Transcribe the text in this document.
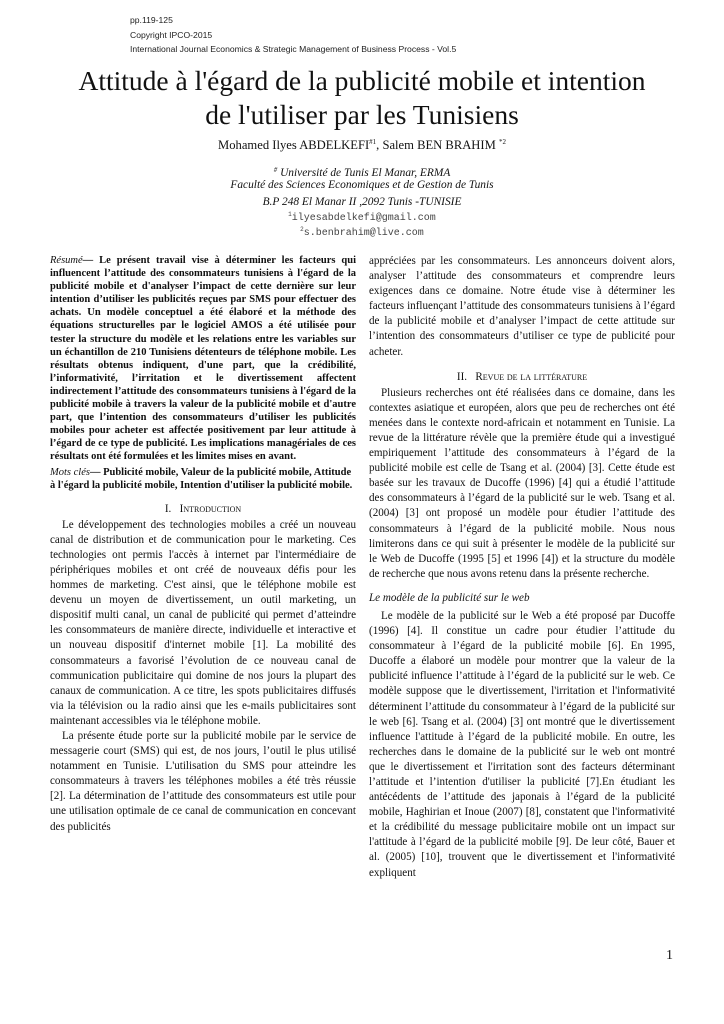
pp.119-125
Copyright IPCO-2015
International Journal Economics & Strategic Management of Business Process - Vol.5
Attitude à l'égard de la publicité mobile et intention
de l'utiliser par les Tunisiens
Mohamed Ilyes ABDELKEFI$^{\#1}$, Salem BEN BRAHIM $^{*2}$
# Université de Tunis El Manar, ERMA
Faculté des Sciences Economiques et de Gestion de Tunis
B.P 248 El Manar II ,2092 Tunis -TUNISIE
$^1$ilyesabdelkefi@gmail.com
$^2$s.benbrahim@live.com

Résumé— Le présent travail vise à déterminer les facteurs qui influencent l’attitude des consommateurs tunisiens à l'égard de la publicité mobile et d'analyser l’impact de cette dernière sur leur intention d’utiliser les publicités reçues par SMS pour effectuer des achats. Un modèle conceptuel a été élaboré et la méthode des équations structurelles par le logiciel AMOS a été utilisée pour tester la structure du modèle et les relations entre les variables sur un échantillon de 210 Tunisiens détenteurs de téléphone mobile. Les résultats obtenus indiquent, d'une part, que la crédibilité, l’informativité, l’irritation et le divertissement affectent indirectement l’attitude des consommateurs tunisiens à l'égard de la publicité mobile à travers la valeur de la publicité mobile et d'autre part, que l’intention des consommateurs d’utiliser les publicités mobiles pour acheter est affectée positivement par leur attitude à l’égard de ce type de publicité. Les implications managériales de ces résultats ont été formulées et les limites mises en avant.

Mots clés— Publicité mobile, Valeur de la publicité mobile, Attitude à l'égard la publicité mobile, Intention d'utiliser la publicité mobile.

I. Introduction

Le développement des technologies mobiles a créé un nouveau canal de distribution et de communication pour le marketing. Ces technologies ont permis l'accès à internet par l'intermédiaire de périphériques mobiles et ont créé de nouveaux défis pour les hommes de marketing. C'est ainsi, que le téléphone mobile est devenu un moyen de divertissement, un outil marketing, un dispositif multi canal, un canal de publicité qui permet d’atteindre les consommateurs de manière directe, individuelle et interactive et un nouveau dispositif d'internet mobile [1]. La mobilité des consommateurs a favorisé l’évolution de ce nouveau canal de communication publicitaire qui domine de nos jours la plupart des canaux de communication. A ce titre, les spots publicitaires diffusés via la télévision ou la radio ainsi que les e-mails publicitaires sont maintenant accessibles via le téléphone mobile.

La présente étude porte sur la publicité mobile par le service de messagerie court (SMS) qui est, de nos jours, l’outil le plus utilisé notamment en Tunisie. L'utilisation du SMS pour atteindre les consommateurs à travers les téléphones mobiles a été très réussie [2]. La détermination de l’attitude des consommateurs est utile pour une utilisation optimale de ce canal de communication en concevant des publicités

appréciées par les consommateurs. Les annonceurs doivent alors, analyser l’attitude des consommateurs et comprendre leurs exigences dans ce domaine. Notre étude vise à déterminer les facteurs influençant l’attitude des consommateurs tunisiens à l’égard de la publicité mobile et d’analyser l’impact de cette attitude sur l’intention des consommateurs d’utiliser ce type de publicité pour acheter.

II. Revue de la littérature

Plusieurs recherches ont été réalisées dans ce domaine, dans les contextes asiatique et européen, alors que peu de recherches ont été menées dans le contexte nord-africain et notamment en Tunisie. La revue de la littérature révèle que la première étude qui a investigué empiriquement l’attitude des consommateurs à l’égard de la publicité mobile est celle de Tsang et al. (2004) [3]. Cette étude est basée sur les travaux de Ducoffe (1996) [4] qui a étudié l’attitude des consommateurs à l’égard de la publicité sur le web. Tsang et al. (2004) [3] ont proposé un modèle pour étudier l’attitude des consommateurs à l’égard de la publicité mobile. Nous nous limiterons dans ce qui suit à présenter le modèle de la publicité sur le Web de Ducoffe (1995 [5] et 1996 [4]) et la structure du modèle de recherche que nous avons retenu dans la présente recherche.

Le modèle de la publicité sur le web

Le modèle de la publicité sur le Web a été proposé par Ducoffe (1996) [4]. Il constitue un cadre pour étudier l’attitude du consommateur à l’égard de la publicité mobile [6]. En 1995, Ducoffe a élaboré un modèle pour montrer que la valeur de la publicité influence l’attitude à l’égard de la publicité sur le web. Ce modèle suppose que le divertissement, l'irritation et l'informativité déterminent l’attitude du consommateur à l’égard de la publicité sur le web [6]. Tsang et al. (2004) [3] ont montré que le divertissement influence l'attitude à l’égard de la publicité mobile. En outre, les recherches dans le domaine de la publicité sur le web ont montré que le divertissement et l'irritation sont des facteurs déterminant l’attitude et l’intention d'utiliser la publicité [7].En étudiant les antécédents de l’attitude des japonais à l’égard de la publicité mobile, Haghirian et Inoue (2007) [8], constatent que l'informativité et la crédibilité du message publicitaire mobile ont un impact sur l'attitude à l’égard de la publicité mobile [9]. De leur côté, Bauer et al. (2005) [10], trouvent que le divertissement et l'informativité expliquent

1
